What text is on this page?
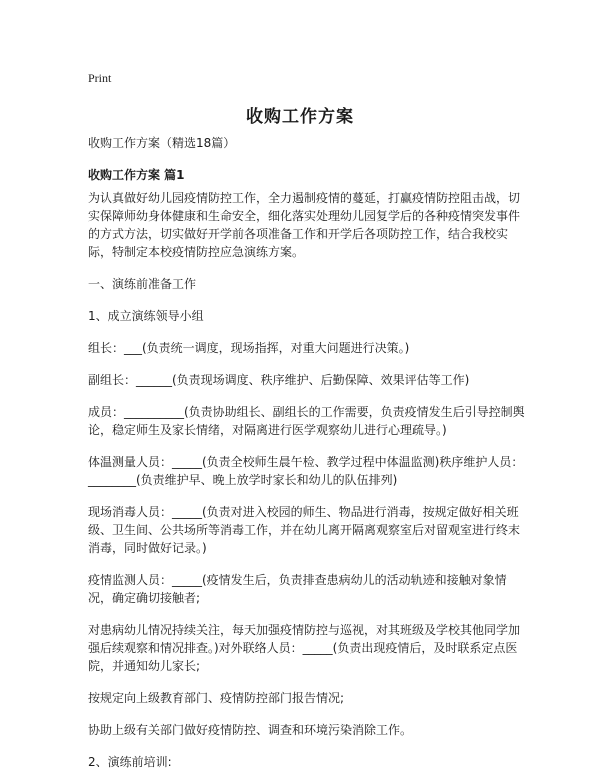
Print
收购工作方案

收购工作方案（精选18篇）

收购工作方案 篇1

为认真做好幼儿园疫情防控工作，全力遏制疫情的蔓延，打赢疫情防控阻击战，切实保障师幼身体健康和生命安全，细化落实处理幼儿园复学后的各种疫情突发事件的方式方法，切实做好开学前各项准备工作和开学后各项防控工作，结合我校实际，特制定本校疫情防控应急演练方案。

一、演练前准备工作

1、成立演练领导小组

组长：___(负责统一调度，现场指挥，对重大问题进行决策。)

副组长：______(负责现场调度、秩序维护、后勤保障、效果评估等工作)

成员：__________(负责协助组长、副组长的工作需要，负责疫情发生后引导控制舆论，稳定师生及家长情绪，对隔离进行医学观察幼儿进行心理疏导。)

体温测量人员：_____(负责全校师生晨午检、教学过程中体温监测)秩序维护人员：________(负责维护早、晚上放学时家长和幼儿的队伍排列)

现场消毒人员：_____(负责对进入校园的师生、物品进行消毒，按规定做好相关班级、卫生间、公共场所等消毒工作，并在幼儿离开隔离观察室后对留观室进行终末消毒，同时做好记录。)

疫情监测人员：_____(疫情发生后，负责排查患病幼儿的活动轨迹和接触对象情况，确定确切接触者;

对患病幼儿情况持续关注，每天加强疫情防控与巡视，对其班级及学校其他同学加强后续观察和情况排查。)对外联络人员：_____(负责出现疫情后，及时联系定点医院，并通知幼儿家长;

按规定向上级教育部门、疫情防控部门报告情况;

协助上级有关部门做好疫情防控、调查和环境污染消除工作。

2、演练前培训:
